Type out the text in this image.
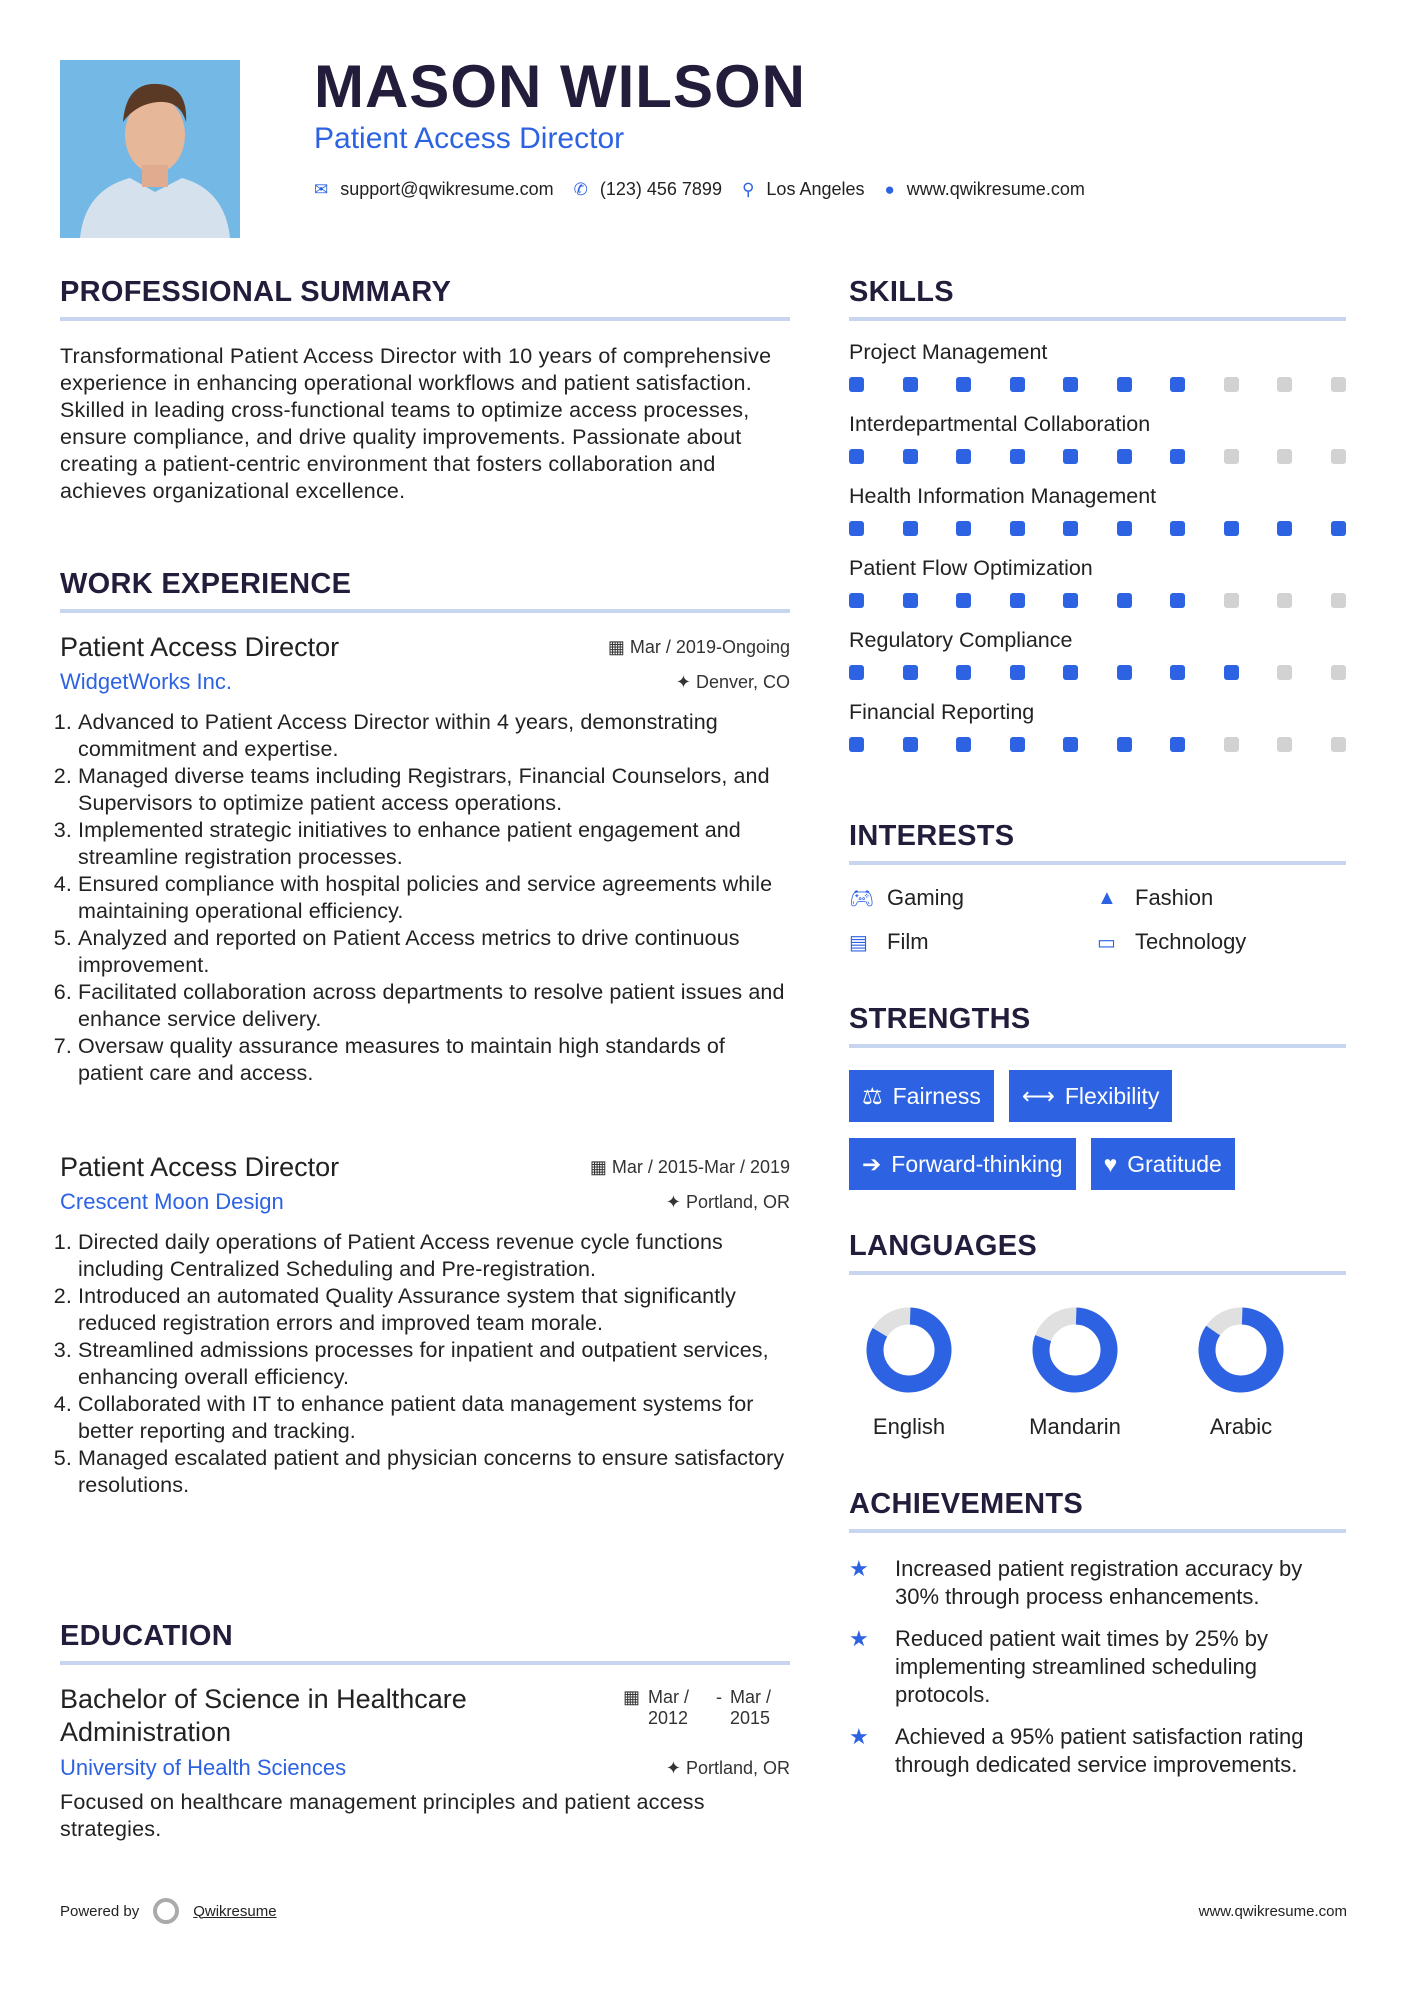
MASON WILSON
Patient Access Director
✉ support@qwikresume.com ✆ (123) 456 7899 ⚲ Los Angeles ● www.qwikresume.com
PROFESSIONAL SUMMARY

Transformational Patient Access Director with 10 years of comprehensive experience in enhancing operational workflows and patient satisfaction. Skilled in leading cross-functional teams to optimize access processes, ensure compliance, and drive quality improvements. Passionate about creating a patient-centric environment that fosters collaboration and achieves organizational excellence.

WORK EXPERIENCE
Patient Access Director	▦ Mar / 2019-Ongoing
WidgetWorks Inc.	✦ Denver, CO
1. Advanced to Patient Access Director within 4 years, demonstrating commitment and expertise.
2. Managed diverse teams including Registrars, Financial Counselors, and Supervisors to optimize patient access operations.
3. Implemented strategic initiatives to enhance patient engagement and streamline registration processes.
4. Ensured compliance with hospital policies and service agreements while maintaining operational efficiency.
5. Analyzed and reported on Patient Access metrics to drive continuous improvement.
6. Facilitated collaboration across departments to resolve patient issues and enhance service delivery.
7. Oversaw quality assurance measures to maintain high standards of patient care and access.
Patient Access Director	▦ Mar / 2015-Mar / 2019
Crescent Moon Design	✦ Portland, OR
1. Directed daily operations of Patient Access revenue cycle functions including Centralized Scheduling and Pre-registration.
2. Introduced an automated Quality Assurance system that significantly reduced registration errors and improved team morale.
3. Streamlined admissions processes for inpatient and outpatient services, enhancing overall efficiency.
4. Collaborated with IT to enhance patient data management systems for better reporting and tracking.
5. Managed escalated patient and physician concerns to ensure satisfactory resolutions.
EDUCATION
Bachelor of Science in Healthcare Administration
▦ Mar / 2012
- Mar / 2015
University of Health Sciences	✦ Portland, OR

Focused on healthcare management principles and patient access strategies.

Powered by	Qwikresume	www.qwikresume.com
SKILLS
Project Management
Interdepartmental Collaboration
Health Information Management
Patient Flow Optimization
Regulatory Compliance
Financial Reporting
INTERESTS
🎮︎ Gaming	▲ Fashion
▤ Film	▭ Technology
STRENGTHS
⚖ Fairness ⟷ Flexibility
➔ Forward-thinking ♥ Gratitude
LANGUAGES
English	Mandarin	Arabic
ACHIEVEMENTS
★	Increased patient registration accuracy by 30% through process enhancements.
★	Reduced patient wait times by 25% by implementing streamlined scheduling protocols.
★	Achieved a 95% patient satisfaction rating through dedicated service improvements.
